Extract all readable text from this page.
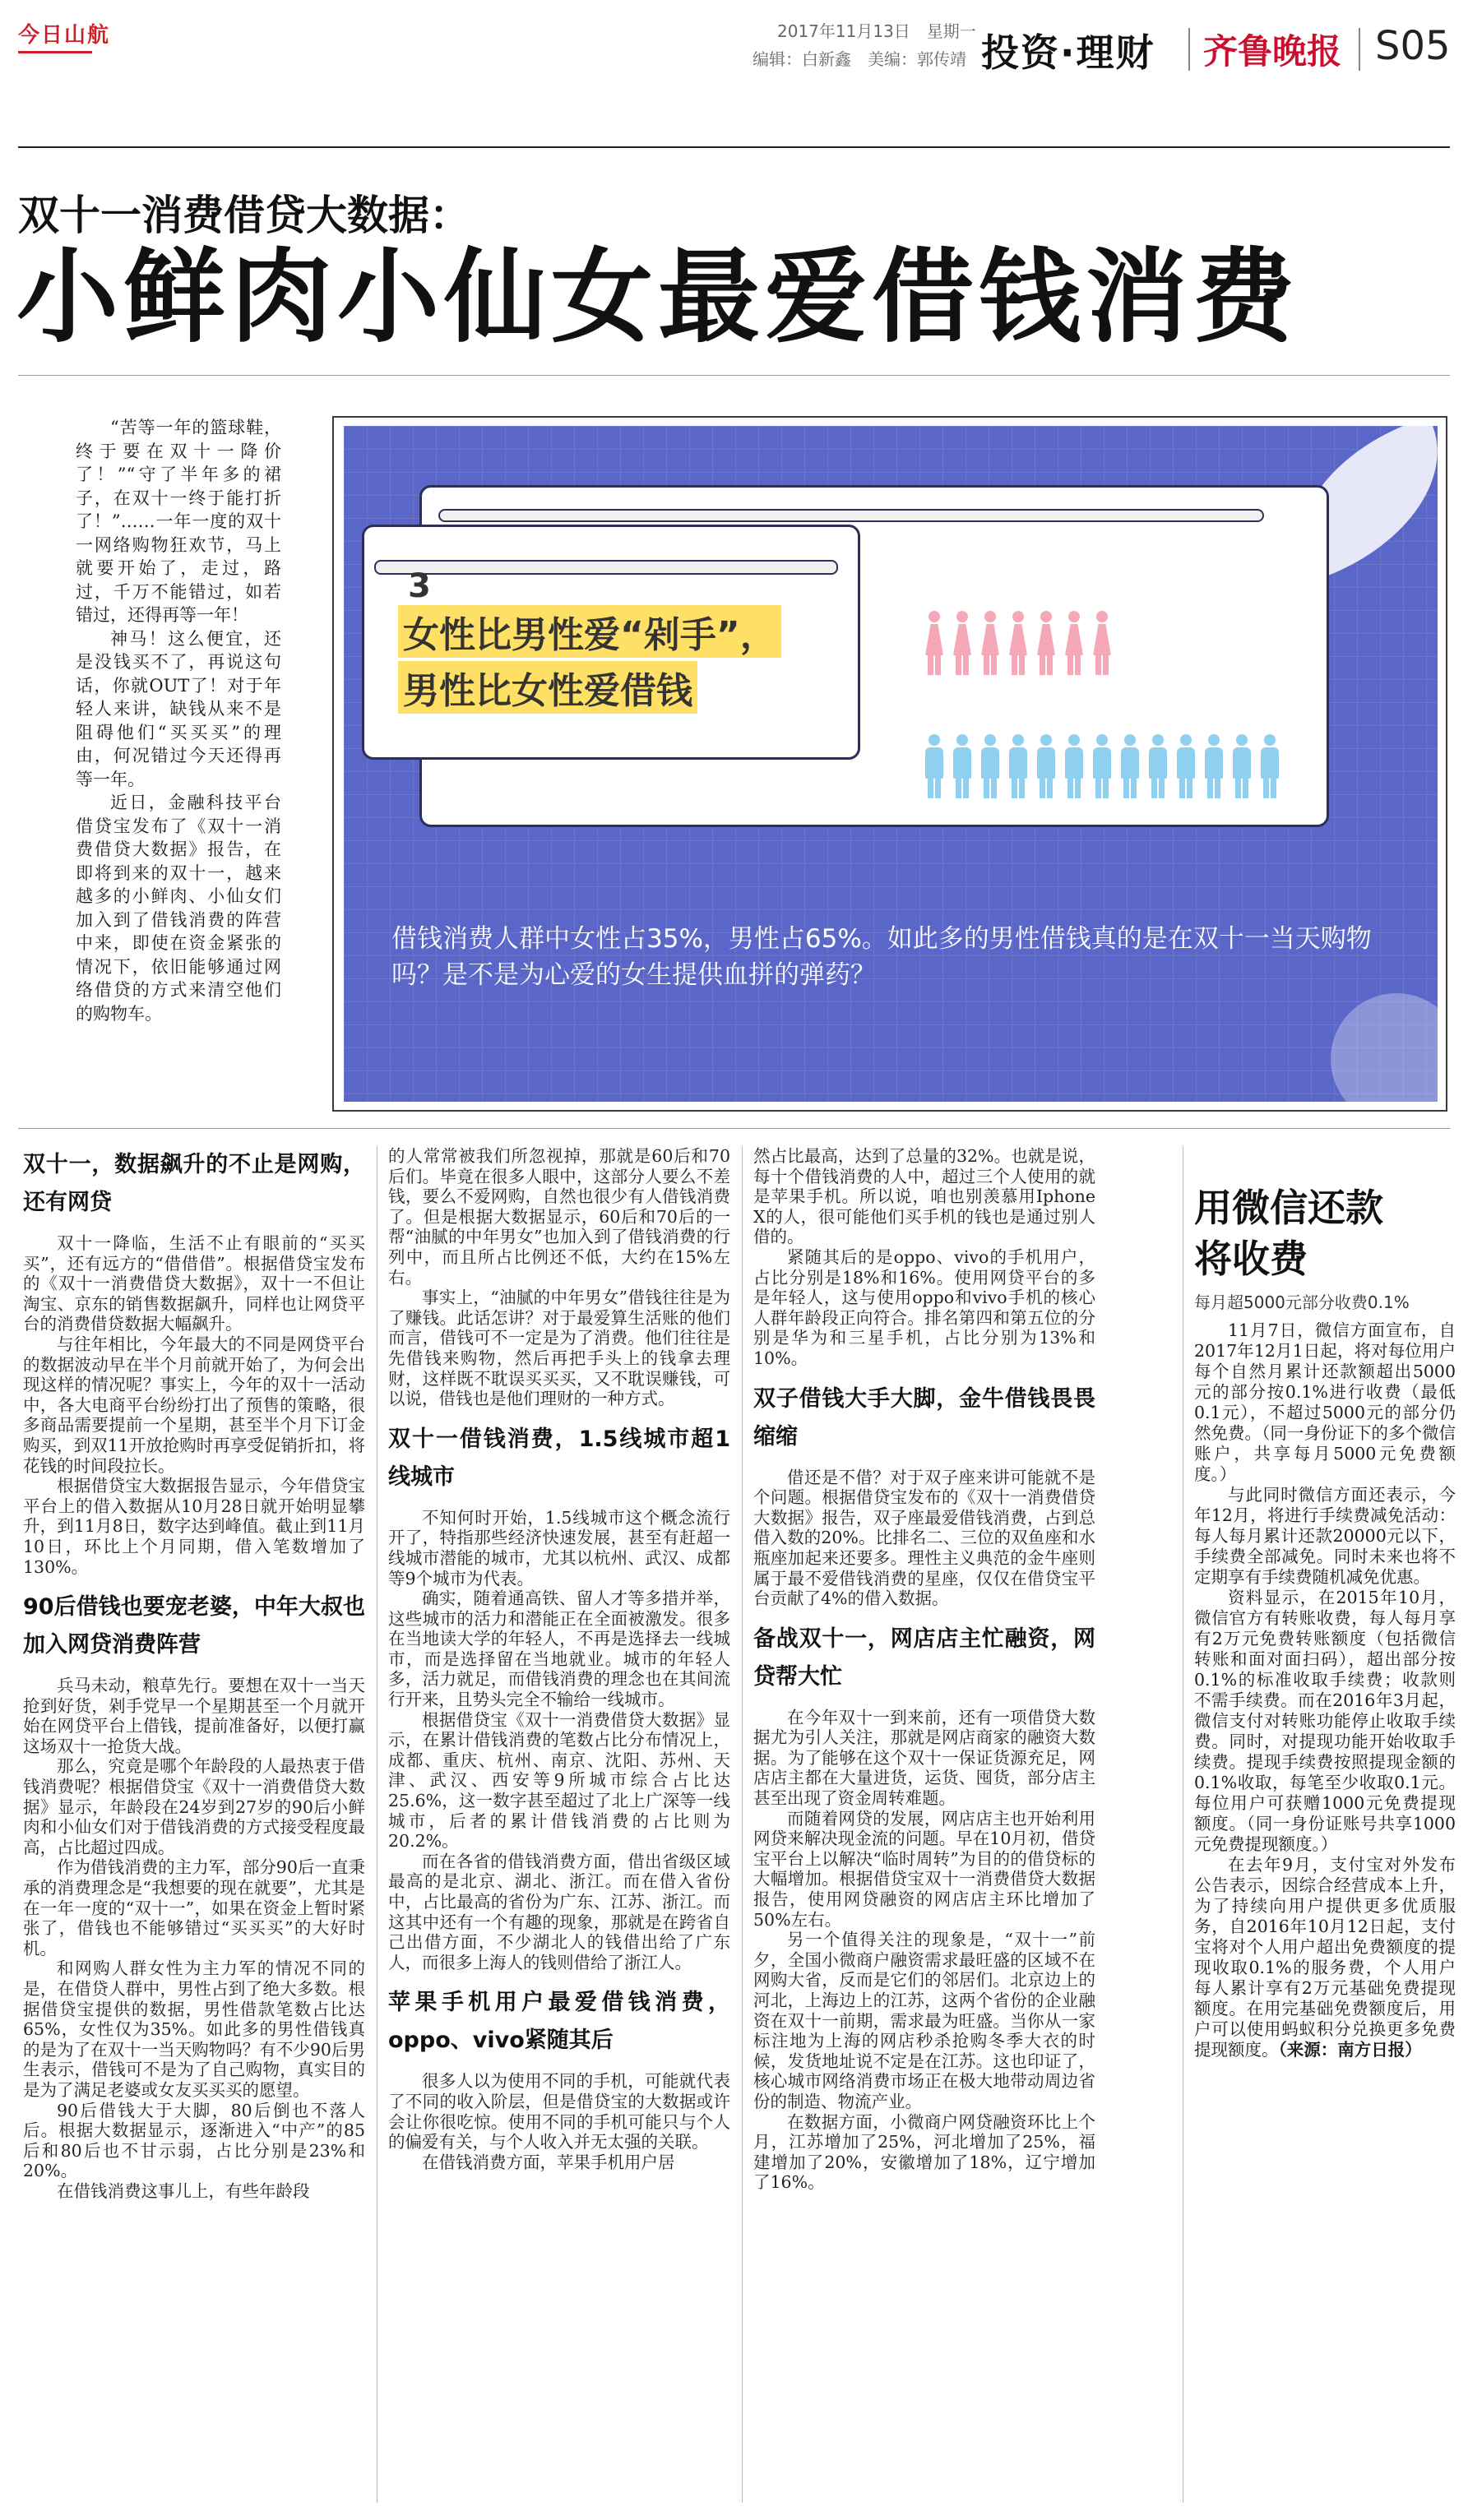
今日山航	2017年11月13日　星期一
编辑：白新鑫　美编：郭传靖 投资·理财 齐鲁晚报 S05
双十一消费借贷大数据：
小鲜肉小仙女最爱借钱消费

“苦等一年的篮球鞋，终于要在双十一降价了！”“守了半年多的裙子，在双十一终于能打折了！”……一年一度的双十一网络购物狂欢节，马上就要开始了，走过，路过，千万不能错过，如若错过，还得再等一年！

神马！这么便宜，还是没钱买不了，再说这句话，你就OUT了！对于年轻人来讲，缺钱从来不是阻碍他们“买买买”的理由，何况错过今天还得再等一年。

近日，金融科技平台借贷宝发布了《双十一消费借贷大数据》报告，在即将到来的双十一，越来越多的小鲜肉、小仙女们加入到了借钱消费的阵营中来，即使在资金紧张的情况下，依旧能够通过网络借贷的方式来清空他们的购物车。

3
女性比男性爱“剁手”，
男性比女性爱借钱
借钱消费人群中女性占35%，男性占65%。如此多的男性借钱真的是在双十一当天购物吗？是不是为心爱的女生提供血拼的弹药？
双十一，数据飙升的不止是网购，还有网贷

双十一降临，生活不止有眼前的“买买买”，还有远方的“借借借”。根据借贷宝发布的《双十一消费借贷大数据》，双十一不但让淘宝、京东的销售数据飙升，同样也让网贷平台的消费借贷数据大幅飙升。

与往年相比，今年最大的不同是网贷平台的数据波动早在半个月前就开始了，为何会出现这样的情况呢？事实上，今年的双十一活动中，各大电商平台纷纷打出了预售的策略，很多商品需要提前一个星期，甚至半个月下订金购买，到双11开放抢购时再享受促销折扣，将花钱的时间段拉长。

根据借贷宝大数据报告显示，今年借贷宝平台上的借入数据从10月28日就开始明显攀升，到11月8日，数字达到峰值。截止到11月10日，环比上个月同期，借入笔数增加了130%。

90后借钱也要宠老婆，中年大叔也加入网贷消费阵营

兵马未动，粮草先行。要想在双十一当天抢到好货，剁手党早一个星期甚至一个月就开始在网贷平台上借钱，提前准备好，以便打赢这场双十一抢货大战。

那么，究竟是哪个年龄段的人最热衷于借钱消费呢？根据借贷宝《双十一消费借贷大数据》显示，年龄段在24岁到27岁的90后小鲜肉和小仙女们对于借钱消费的方式接受程度最高，占比超过四成。

作为借钱消费的主力军，部分90后一直秉承的消费理念是“我想要的现在就要”，尤其是在一年一度的“双十一”，如果在资金上暂时紧张了，借钱也不能够错过“买买买”的大好时机。

和网购人群女性为主力军的情况不同的是，在借贷人群中，男性占到了绝大多数。根据借贷宝提供的数据，男性借款笔数占比达65%，女性仅为35%。如此多的男性借钱真的是为了在双十一当天购物吗？有不少90后男生表示，借钱可不是为了自己购物，真实目的是为了满足老婆或女友买买买的愿望。

90后借钱大于大脚，80后倒也不落人后。根据大数据显示，逐渐进入“中产”的85后和80后也不甘示弱，占比分别是23%和20%。

在借钱消费这事儿上，有些年龄段

的人常常被我们所忽视掉，那就是60后和70后们。毕竟在很多人眼中，这部分人要么不差钱，要么不爱网购，自然也很少有人借钱消费了。但是根据大数据显示，60后和70后的一帮“油腻的中年男女”也加入到了借钱消费的行列中，而且所占比例还不低，大约在15%左右。

事实上，“油腻的中年男女”借钱往往是为了赚钱。此话怎讲？对于最爱算生活账的他们而言，借钱可不一定是为了消费。他们往往是先借钱来购物，然后再把手头上的钱拿去理财，这样既不耽误买买买，又不耽误赚钱，可以说，借钱也是他们理财的一种方式。

双十一借钱消费，1.5线城市超1线城市

不知何时开始，1.5线城市这个概念流行开了，特指那些经济快速发展，甚至有赶超一线城市潜能的城市，尤其以杭州、武汉、成都等9个城市为代表。

确实，随着通高铁、留人才等多措并举，这些城市的活力和潜能正在全面被激发。很多在当地读大学的年轻人，不再是选择去一线城市，而是选择留在当地就业。城市的年轻人多，活力就足，而借钱消费的理念也在其间流行开来，且势头完全不输给一线城市。

根据借贷宝《双十一消费借贷大数据》显示，在累计借钱消费的笔数占比分布情况上，成都、重庆、杭州、南京、沈阳、苏州、天津、武汉、西安等9所城市综合占比达25.6%，这一数字甚至超过了北上广深等一线城市，后者的累计借钱消费的占比则为20.2%。

而在各省的借钱消费方面，借出省级区域最高的是北京、湖北、浙江。而在借入省份中，占比最高的省份为广东、江苏、浙江。而这其中还有一个有趣的现象，那就是在跨省自己出借方面，不少湖北人的钱借出给了广东人，而很多上海人的钱则借给了浙江人。

苹果手机用户最爱借钱消费，oppo、vivo紧随其后

很多人以为使用不同的手机，可能就代表了不同的收入阶层，但是借贷宝的大数据或许会让你很吃惊。使用不同的手机可能只与个人的偏爱有关，与个人收入并无太强的关联。

在借钱消费方面，苹果手机用户居

然占比最高，达到了总量的32%。也就是说，每十个借钱消费的人中，超过三个人使用的就是苹果手机。所以说，咱也别羡慕用Iphone X的人，很可能他们买手机的钱也是通过别人借的。

紧随其后的是oppo、vivo的手机用户，占比分别是18%和16%。使用网贷平台的多是年轻人，这与使用oppo和vivo手机的核心人群年龄段正向符合。排名第四和第五位的分别是华为和三星手机，占比分别为13%和10%。

双子借钱大手大脚，金牛借钱畏畏缩缩

借还是不借？对于双子座来讲可能就不是个问题。根据借贷宝发布的《双十一消费借贷大数据》报告，双子座最爱借钱消费，占到总借入数的20%。比排名二、三位的双鱼座和水瓶座加起来还要多。理性主义典范的金牛座则属于最不爱借钱消费的星座，仅仅在借贷宝平台贡献了4%的借入数据。

备战双十一，网店店主忙融资，网贷帮大忙

在今年双十一到来前，还有一项借贷大数据尤为引人关注，那就是网店商家的融资大数据。为了能够在这个双十一保证货源充足，网店店主都在大量进货，运货、囤货，部分店主甚至出现了资金周转难题。

而随着网贷的发展，网店店主也开始利用网贷来解决现金流的问题。早在10月初，借贷宝平台上以解决“临时周转”为目的的借贷标的大幅增加。根据借贷宝双十一消费借贷大数据报告，使用网贷融资的网店店主环比增加了50%左右。

另一个值得关注的现象是，“双十一”前夕，全国小微商户融资需求最旺盛的区域不在网购大省，反而是它们的邻居们。北京边上的河北，上海边上的江苏，这两个省份的企业融资在双十一前期，需求最为旺盛。当你从一家标注地为上海的网店秒杀抢购冬季大衣的时候，发货地址说不定是在江苏。这也印证了，核心城市网络消费市场正在极大地带动周边省份的制造、物流产业。

在数据方面，小微商户网贷融资环比上个月，江苏增加了25%，河北增加了25%，福建增加了20%，安徽增加了18%，辽宁增加了16%。

用微信还款
将收费
每月超5000元部分收费0.1%

11月7日，微信方面宣布，自2017年12月1日起，将对每位用户每个自然月累计还款额超出5000元的部分按0.1%进行收费（最低0.1元），不超过5000元的部分仍然免费。（同一身份证下的多个微信账户，共享每月5000元免费额度。）

与此同时微信方面还表示，今年12月，将进行手续费减免活动：每人每月累计还款20000元以下，手续费全部减免。同时未来也将不定期享有手续费随机减免优惠。

资料显示，在2015年10月，微信官方有转账收费，每人每月享有2万元免费转账额度（包括微信转账和面对面扫码），超出部分按0.1%的标准收取手续费；收款则不需手续费。而在2016年3月起，微信支付对转账功能停止收取手续费。同时，对提现功能开始收取手续费。提现手续费按照提现金额的0.1%收取，每笔至少收取0.1元。每位用户可获赠1000元免费提现额度。（同一身份证账号共享1000元免费提现额度。）

在去年9月，支付宝对外发布公告表示，因综合经营成本上升，为了持续向用户提供更多优质服务，自2016年10月12日起，支付宝将对个人用户超出免费额度的提现收取0.1%的服务费，个人用户每人累计享有2万元基础免费提现额度。在用完基础免费额度后，用户可以使用蚂蚁积分兑换更多免费提现额度。（来源：南方日报）
